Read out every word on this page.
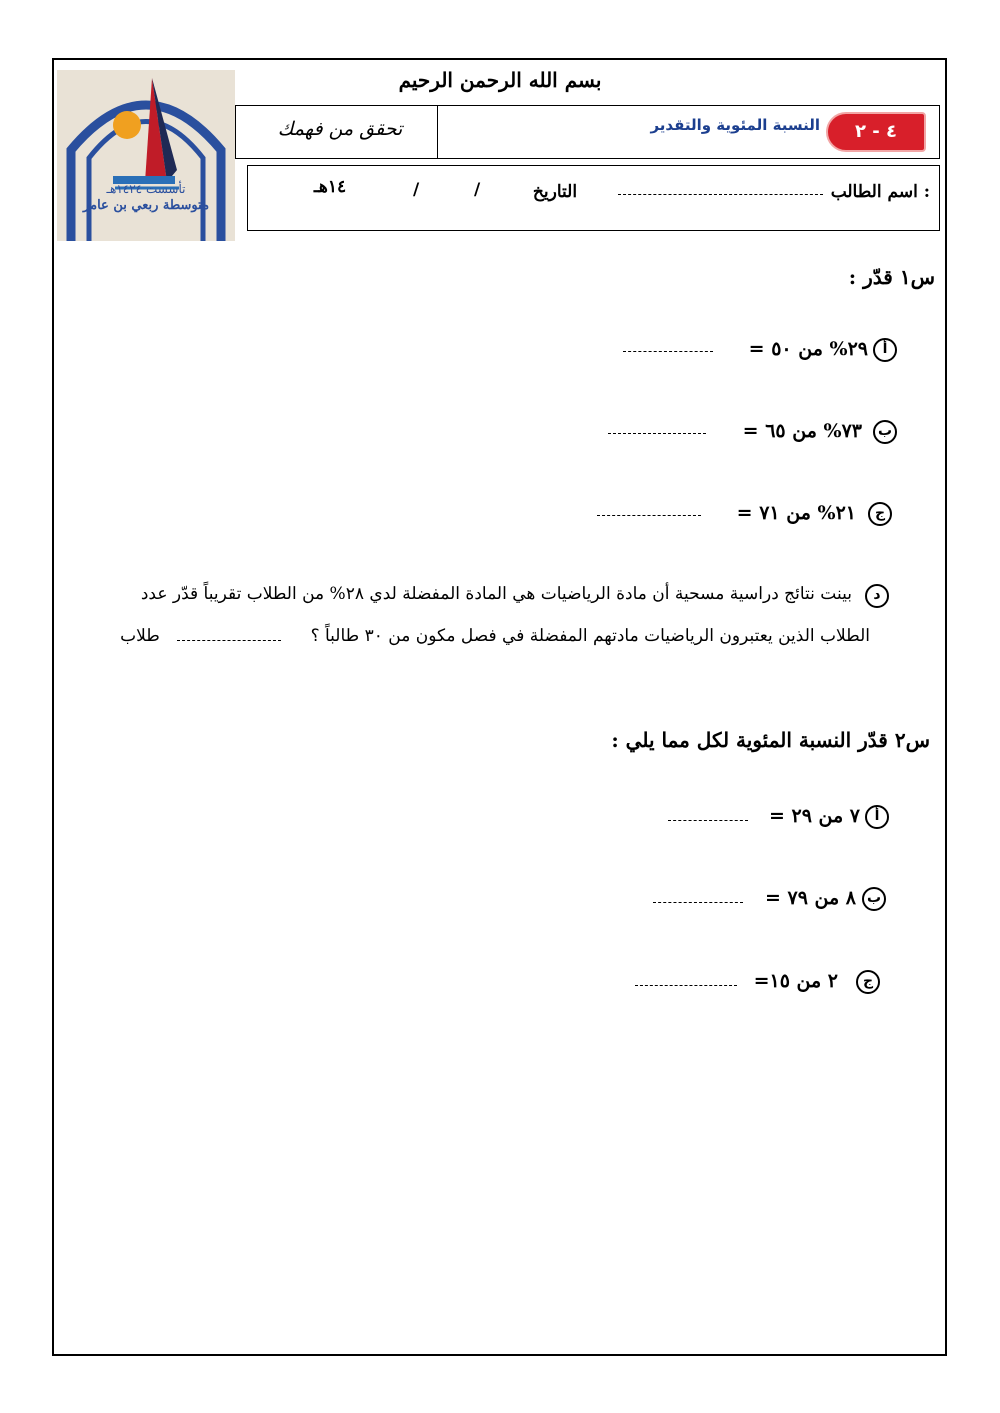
تأسست ١٤٢٤هـ
متوسطة ربعي بن عامر
بسم الله الرحمن الرحيم
تحقق من فهمك	النسبة المئوية والتقدير	٤ - ٢
اسم الطالب :
التاريخ
/
/
١٤هـ
س١ قدّر :
أ
٢٩% من ٥٠ =
ب
٧٣% من ٦٥ =
ج
٢١% من ٧١ =
د
بينت نتائج دراسية مسحية أن مادة الرياضيات هي المادة المفضلة لدي ٢٨% من الطلاب تقريباً قدّر عدد
الطلاب الذين يعتبرون الرياضيات مادتهم المفضلة في فصل مكون من ٣٠ طالباً ؟
طلاب
س٢ قدّر النسبة المئوية لكل مما يلي :
أ
٧ من ٢٩ =
ب
٨ من ٧٩ =
ج
٢ من ١٥=
